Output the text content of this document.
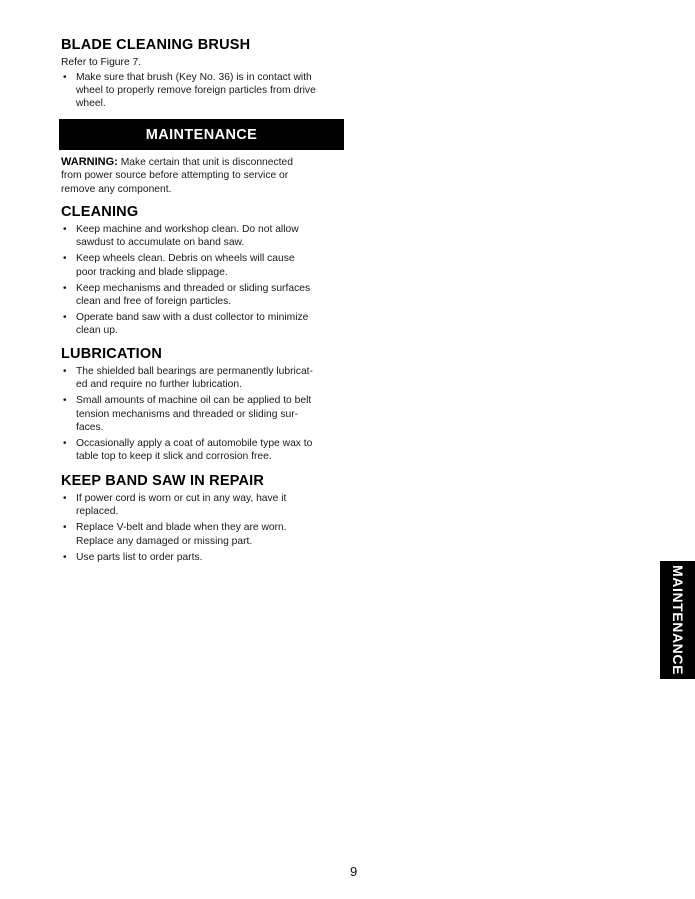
BLADE CLEANING BRUSH

Refer to Figure 7.

• Make sure that brush (Key No. 36) is in contact with
wheel to properly remove foreign particles from drive
wheel.
MAINTENANCE
WARNING: Make certain that unit is disconnected
from power source before attempting to service or
remove any component.
CLEANING
• Keep machine and workshop clean. Do not allow
sawdust to accumulate on band saw.
• Keep wheels clean. Debris on wheels will cause
poor tracking and blade slippage.
• Keep mechanisms and threaded or sliding surfaces
clean and free of foreign particles.
• Operate band saw with a dust collector to minimize
clean up.
LUBRICATION
• The shielded ball bearings are permanently lubricat-
ed and require no further lubrication.
• Small amounts of machine oil can be applied to belt
tension mechanisms and threaded or sliding sur-
faces.
• Occasionally apply a coat of automobile type wax to
table top to keep it slick and corrosion free.
KEEP BAND SAW IN REPAIR
• If power cord is worn or cut in any way, have it
replaced.
• Replace V-belt and blade when they are worn.
Replace any damaged or missing part.
• Use parts list to order parts.
MAINTENANCE
9
